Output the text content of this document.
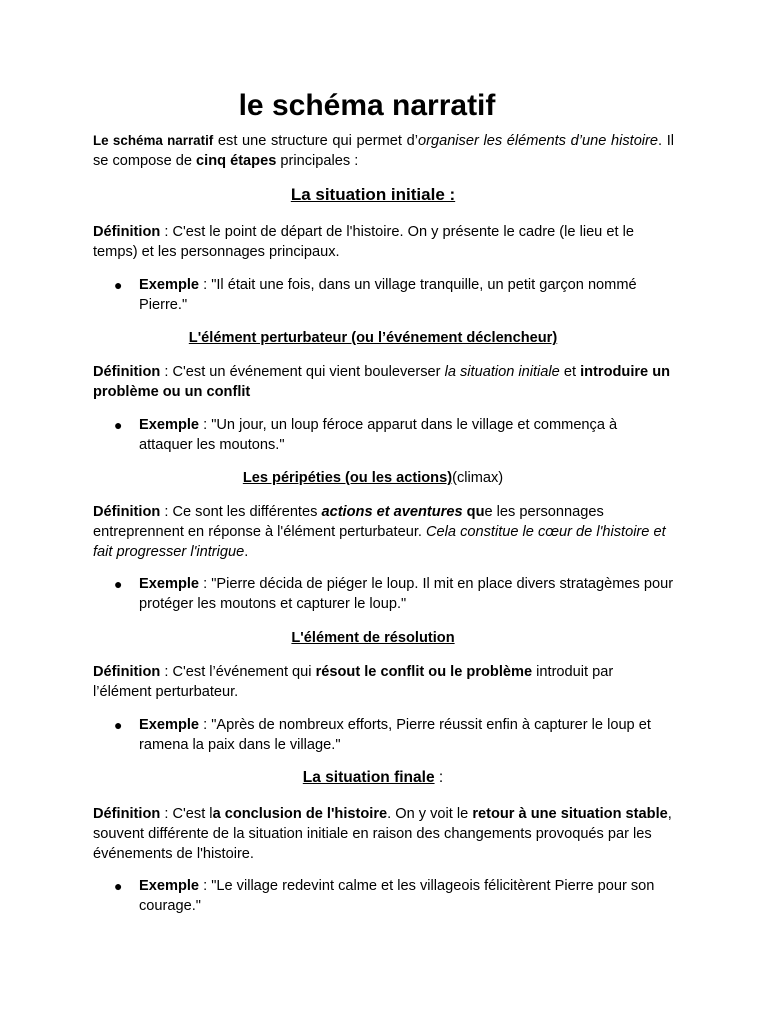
le schéma narratif

Le schéma narratif est une structure qui permet d’organiser les éléments d’une histoire. Il se compose de cinq étapes principales :

La situation initiale :

Définition : C'est le point de départ de l'histoire. On y présente le cadre (le lieu et le temps) et les personnages principaux.

● Exemple : "Il était une fois, dans un village tranquille, un petit garçon nommé Pierre."
L'élément perturbateur (ou l’événement déclencheur)

Définition : C'est un événement qui vient bouleverser la situation initiale et introduire un problème ou un conflit

● Exemple : "Un jour, un loup féroce apparut dans le village et commença à attaquer les moutons."
Les péripéties (ou les actions)(climax)

Définition : Ce sont les différentes actions et aventures que les personnages entreprennent en réponse à l'élément perturbateur. Cela constitue le cœur de l'histoire et fait progresser l'intrigue.

● Exemple : "Pierre décida de piéger le loup. Il mit en place divers stratagèmes pour protéger les moutons et capturer le loup."
L'élément de résolution

Définition : C'est l’événement qui résout le conflit ou le problème introduit par l’élément perturbateur.

● Exemple : "Après de nombreux efforts, Pierre réussit enfin à capturer le loup et ramena la paix dans le village."
La situation finale :

Définition : C'est la conclusion de l'histoire. On y voit le retour à une situation stable, souvent différente de la situation initiale en raison des changements provoqués par les événements de l'histoire.

● Exemple : "Le village redevint calme et les villageois félicitèrent Pierre pour son courage."
